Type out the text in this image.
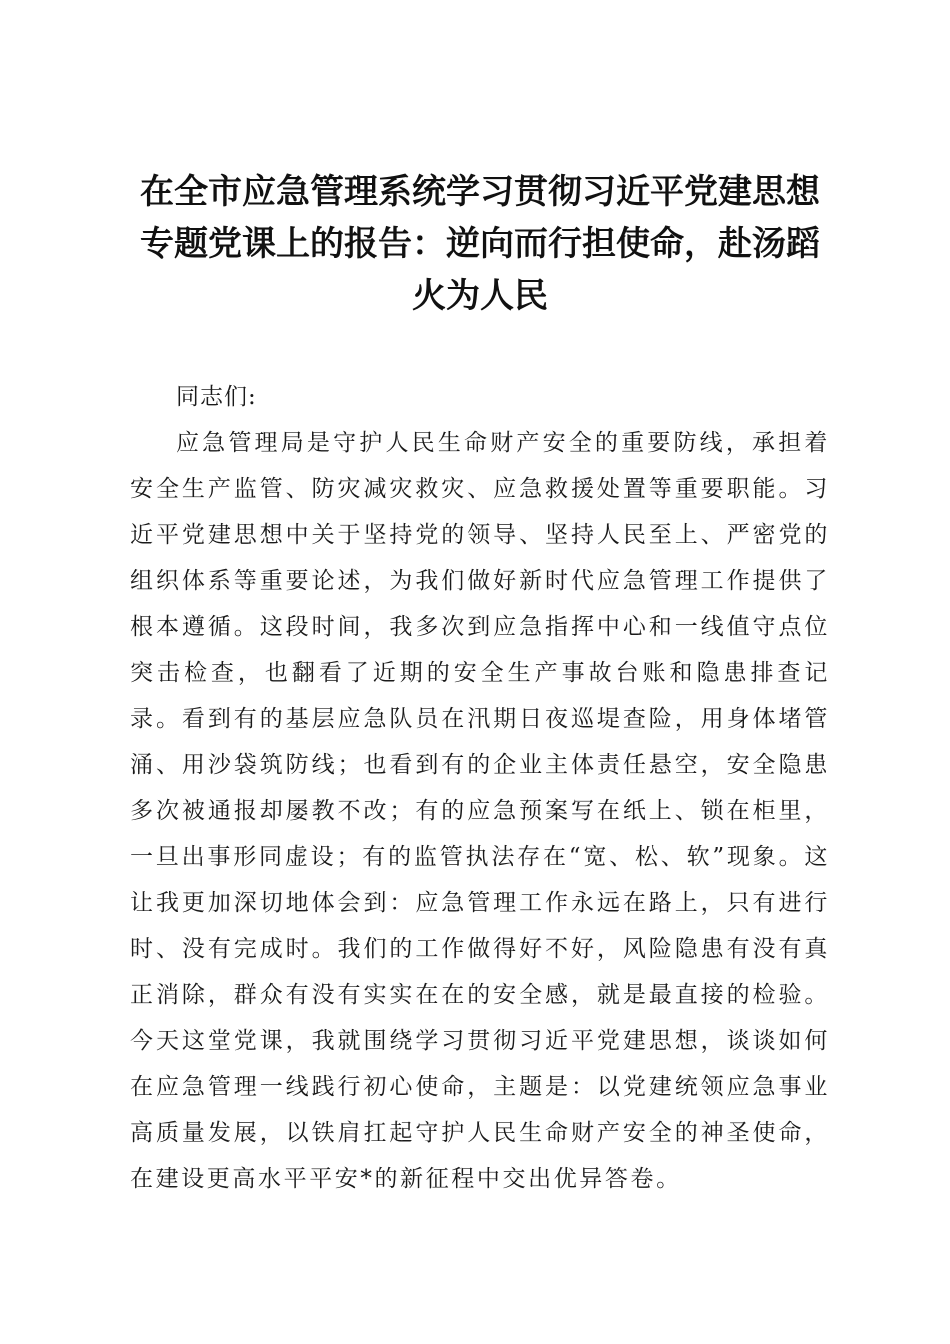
在全市应急管理系统学习贯彻习近平党建思想专题党课上的报告：逆向而行担使命，赴汤蹈火为人民

同志们:

应急管理局是守护人民生命财产安全的重要防线，承担着安全生产监管、防灾减灾救灾、应急救援处置等重要职能。习近平党建思想中关于坚持党的领导、坚持人民至上、严密党的组织体系等重要论述，为我们做好新时代应急管理工作提供了根本遵循。这段时间，我多次到应急指挥中心和一线值守点位突击检查，也翻看了近期的安全生产事故台账和隐患排查记录。看到有的基层应急队员在汛期日夜巡堤查险，用身体堵管涌、用沙袋筑防线；也看到有的企业主体责任悬空，安全隐患多次被通报却屡教不改；有的应急预案写在纸上、锁在柜里，一旦出事形同虚设；有的监管执法存在“宽、松、软”现象。这让我更加深切地体会到：应急管理工作永远在路上，只有进行时、没有完成时。我们的工作做得好不好，风险隐患有没有真正消除，群众有没有实实在在的安全感，就是最直接的检验。今天这堂党课，我就围绕学习贯彻习近平党建思想，谈谈如何在应急管理一线践行初心使命，主题是：以党建统领应急事业高质量发展，以铁肩扛起守护人民生命财产安全的神圣使命，在建设更高水平平安*的新征程中交出优异答卷。
